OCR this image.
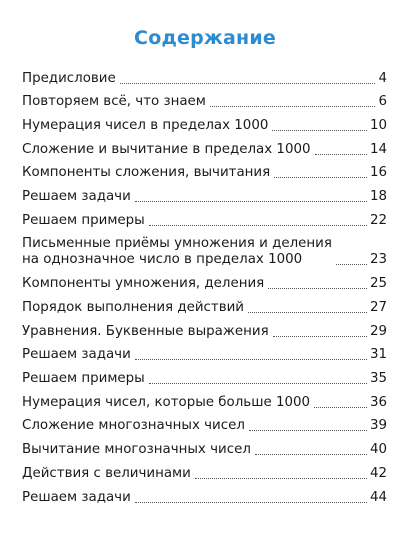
Содержание
Предисловие	4
Повторяем всё, что знаем	6
Нумерация чисел в пределах 1000	10
Сложение и вычитание в пределах 1000	14
Компоненты сложения, вычитания	16
Решаем задачи	18
Решаем примеры	22
Письменные приёмы умножения и деления
на однозначное число в пределах 1000	23
Компоненты умножения, деления	25
Порядок выполнения действий	27
Уравнения. Буквенные выражения	29
Решаем задачи	31
Решаем примеры	35
Нумерация чисел, которые больше 1000	36
Сложение многозначных чисел	39
Вычитание многозначных чисел	40
Действия с величинами	42
Решаем задачи	44
